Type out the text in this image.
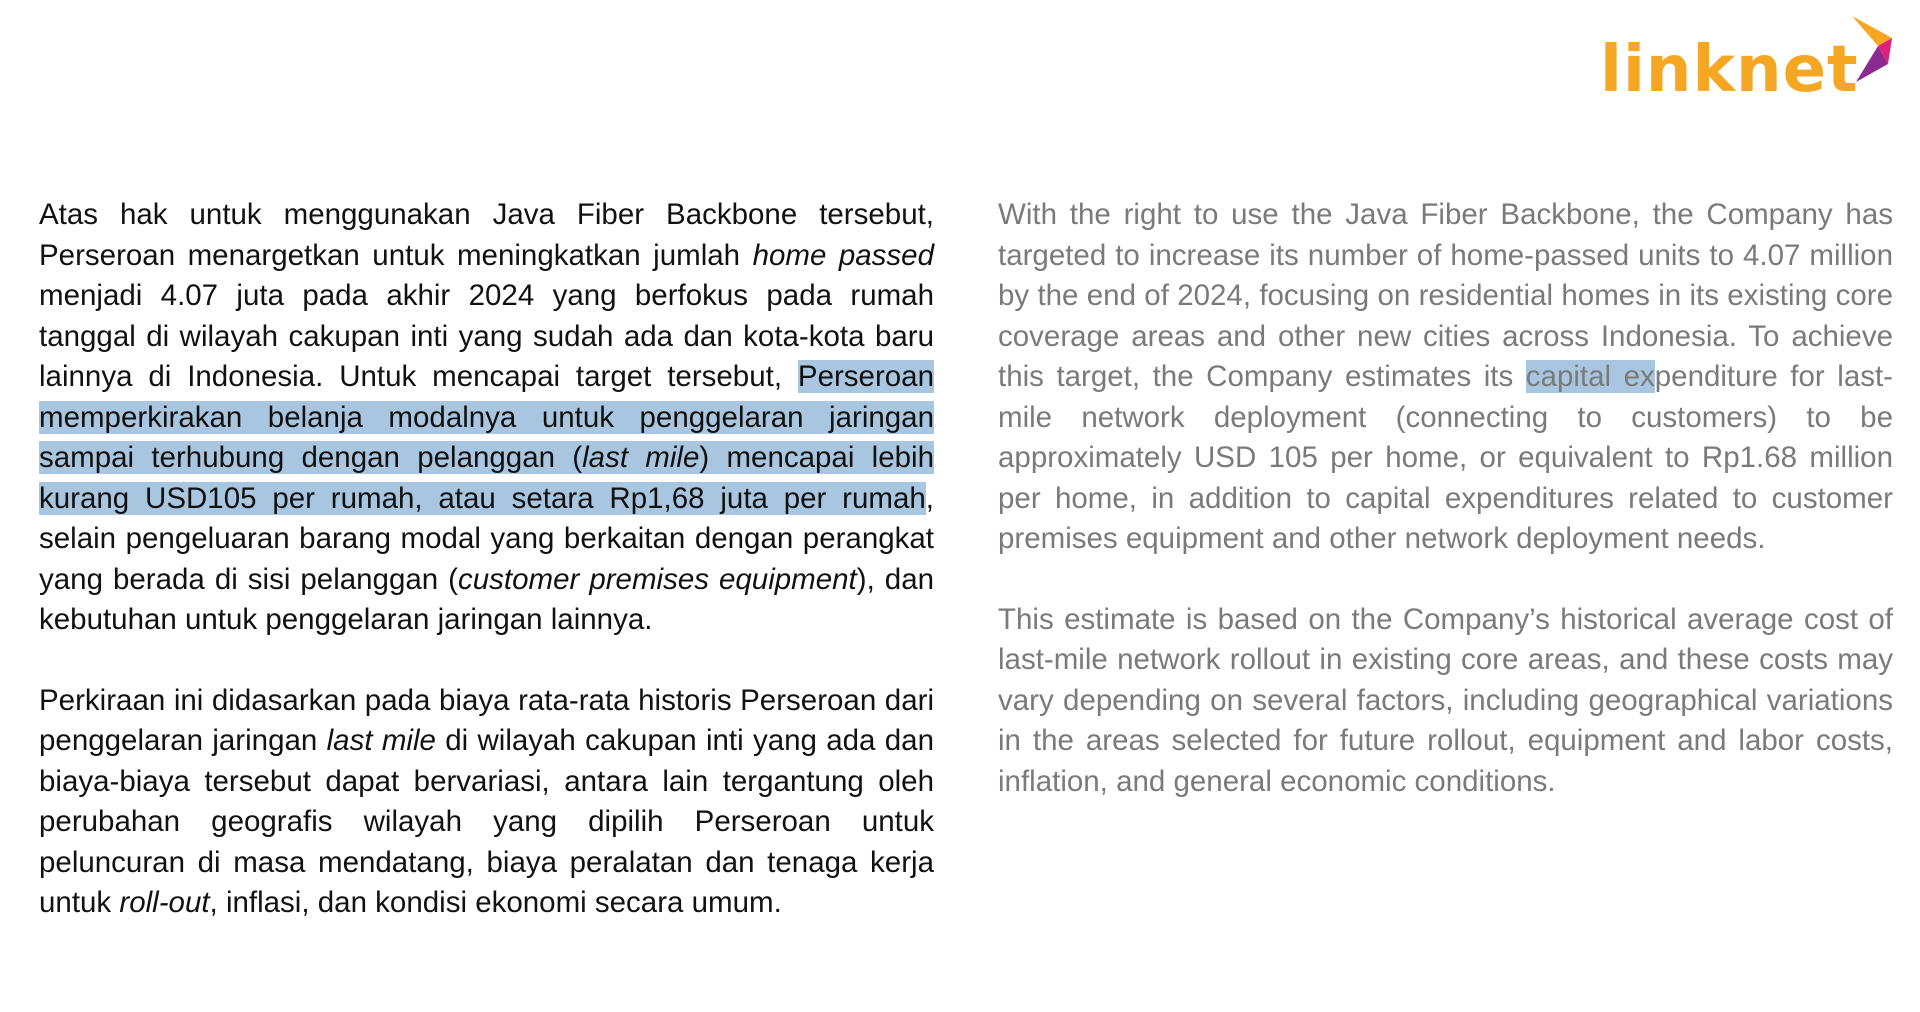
linknet

Atas hak untuk menggunakan Java Fiber Backbone tersebut, Perseroan menargetkan untuk meningkatkan jumlah home passed menjadi 4.07 juta pada akhir 2024 yang berfokus pada rumah tanggal di wilayah cakupan inti yang sudah ada dan kota-kota baru lainnya di Indonesia. Untuk mencapai target tersebut, Perseroan memperkirakan belanja modalnya untuk penggelaran jaringan sampai terhubung dengan pelanggan (last mile) mencapai lebih kurang USD105 per rumah, atau setara Rp1,68 juta per rumah, selain pengeluaran barang modal yang berkaitan dengan perangkat yang berada di sisi pelanggan (customer premises equipment), dan kebutuhan untuk penggelaran jaringan lainnya.

Perkiraan ini didasarkan pada biaya rata-rata historis Perseroan dari penggelaran jaringan last mile di wilayah cakupan inti yang ada dan biaya-biaya tersebut dapat bervariasi, antara lain tergantung oleh perubahan geografis wilayah yang dipilih Perseroan untuk peluncuran di masa mendatang, biaya peralatan dan tenaga kerja untuk roll-out, inflasi, dan kondisi ekonomi secara umum.

With the right to use the Java Fiber Backbone, the Company has targeted to increase its number of home-passed units to 4.07 million by the end of 2024, focusing on residential homes in its existing core coverage areas and other new cities across Indonesia. To achieve this target, the Company estimates its capital expenditure for last-mile network deployment (connecting to customers) to be approximately USD 105 per home, or equivalent to Rp1.68 million per home, in addition to capital expenditures related to customer premises equipment and other network deployment needs.

This estimate is based on the Company’s historical average cost of last-mile network rollout in existing core areas, and these costs may vary depending on several factors, including geographical variations in the areas selected for future rollout, equipment and labor costs, inflation, and general economic conditions.
